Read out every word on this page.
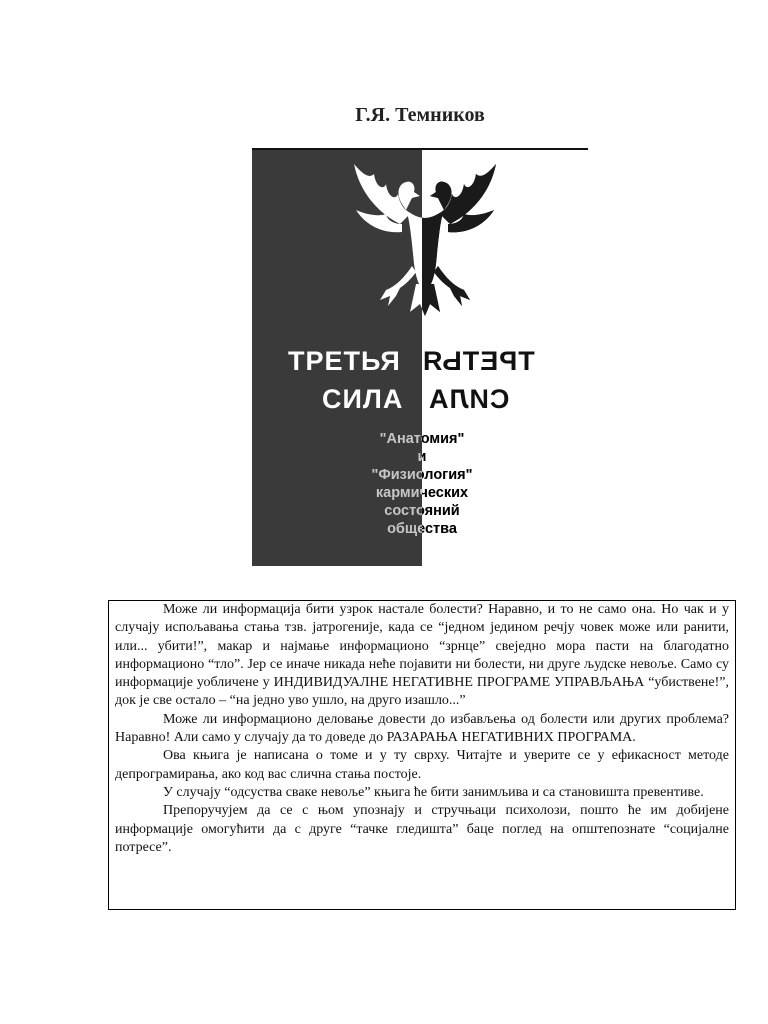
Г.Я. Темников
ТРЕТЬЯ
СИЛА
ТРЕТЬЯ
СИЛА
"Анатомия"
и
"Физиология"
кармических
состояний
общества

Може ли информација бити узрок настале болести? Наравно, и то не само она. Но чак и у случају испољавања стања тзв. јатрогеније, када се “једном јединoм речју човек може или ранити, или... убити!”, макар и најмање информационо “зрнце” свеједно мора пасти на благодатно информационо “тло”. Јер се иначе никада неће појавити ни болести, ни друге људске невоље. Само су информације уобличене у ИНДИВИДУАЛНЕ НЕГАТИВНЕ ПРОГРАМЕ УПРАВЉАЊА “убиствене!”, док је све остало – “на једно уво ушло, на друго изашло...”

Може ли информационо деловање довести до избављења од болести или других проблема? Наравно! Али само у случају да то доведе до РАЗАРАЊА НЕГАТИВНИХ ПРОГРАМА.

Ова књига је написана о томе и у ту сврху. Читајте и уверите се у ефикасност методе депрограмирања, ако код вас слична стања постоје.

У случају “одсуства сваке невоље” књига ће бити занимљива и са становишта превентиве.

Препоручујем да се с њом упознају и стручњаци психолози, пошто ће им добијене информације омогућити да с друге “тачке гледишта” баце поглед на општепознате “социјалне потресе”.
